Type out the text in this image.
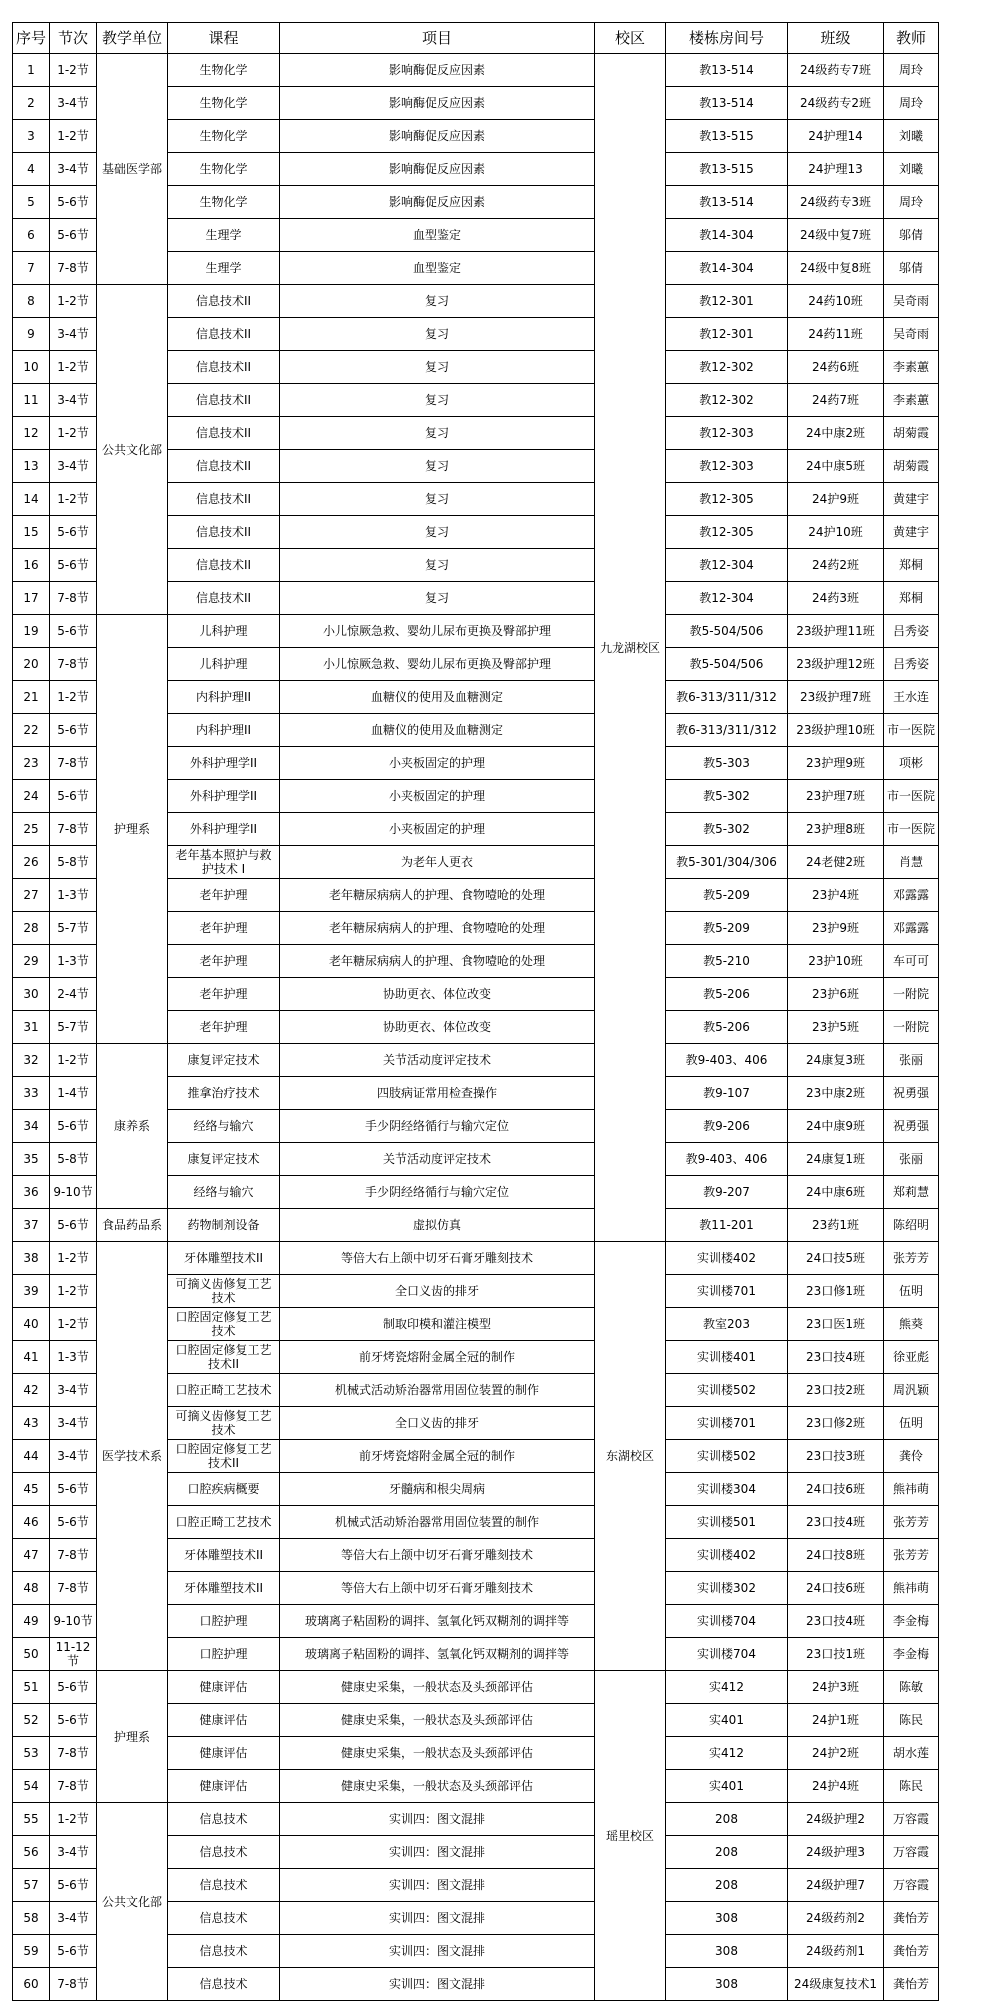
序号	节次	教学单位	课程	项目	校区	楼栋房间号	班级	教师
1	1-2节	基础医学部	生物化学	影响酶促反应因素	九龙湖校区	教13-514	24级药专7班	周玲
2	3-4节		生物化学	影响酶促反应因素		教13-514	24级药专2班	周玲
3	1-2节		生物化学	影响酶促反应因素		教13-515	24护理14	刘曦
4	3-4节		生物化学	影响酶促反应因素		教13-515	24护理13	刘曦
5	5-6节		生物化学	影响酶促反应因素		教13-514	24级药专3班	周玲
6	5-6节		生理学	血型鉴定		教14-304	24级中复7班	邬倩
7	7-8节		生理学	血型鉴定		教14-304	24级中复8班	邬倩
8	1-2节	公共文化部	信息技术II	复习		教12-301	24药10班	吴奇雨
9	3-4节		信息技术II	复习		教12-301	24药11班	吴奇雨
10	1-2节		信息技术II	复习		教12-302	24药6班	李素蕙
11	3-4节		信息技术II	复习		教12-302	24药7班	李素蕙
12	1-2节		信息技术II	复习		教12-303	24中康2班	胡菊霞
13	3-4节		信息技术II	复习		教12-303	24中康5班	胡菊霞
14	1-2节		信息技术II	复习		教12-305	24护9班	黄建宇
15	5-6节		信息技术II	复习		教12-305	24护10班	黄建宇
16	5-6节		信息技术II	复习		教12-304	24药2班	郑桐
17	7-8节		信息技术II	复习		教12-304	24药3班	郑桐
19	5-6节	护理系	儿科护理	小儿惊厥急救、婴幼儿尿布更换及臀部护理		教5-504/506	23级护理11班	吕秀姿
20	7-8节		儿科护理	小儿惊厥急救、婴幼儿尿布更换及臀部护理		教5-504/506	23级护理12班	吕秀姿
21	1-2节		内科护理II	血糖仪的使用及血糖测定		教6-313/311/312	23级护理7班	王水连
22	5-6节		内科护理II	血糖仪的使用及血糖测定		教6-313/311/312	23级护理10班	市一医院
23	7-8节		外科护理学II	小夹板固定的护理		教5-303	23护理9班	项彬
24	5-6节		外科护理学II	小夹板固定的护理		教5-302	23护理7班	市一医院
25	7-8节		外科护理学II	小夹板固定的护理		教5-302	23护理8班	市一医院
26	5-8节		老年基本照护与救护技术 I	为老年人更衣		教5-301/304/306	24老健2班	肖慧
27	1-3节		老年护理	老年糖尿病病人的护理、食物噎呛的处理		教5-209	23护4班	邓露露
28	5-7节		老年护理	老年糖尿病病人的护理、食物噎呛的处理		教5-209	23护9班	邓露露
29	1-3节		老年护理	老年糖尿病病人的护理、食物噎呛的处理		教5-210	23护10班	车可可
30	2-4节		老年护理	协助更衣、体位改变		教5-206	23护6班	一附院
31	5-7节		老年护理	协助更衣、体位改变		教5-206	23护5班	一附院
32	1-2节	康养系	康复评定技术	关节活动度评定技术		教9-403、406	24康复3班	张丽
33	1-4节		推拿治疗技术	四肢病证常用检查操作		教9-107	23中康2班	祝勇强
34	5-6节		经络与输穴	手少阴经络循行与输穴定位		教9-206	24中康9班	祝勇强
35	5-8节		康复评定技术	关节活动度评定技术		教9-403、406	24康复1班	张丽
36	9-10节		经络与输穴	手少阴经络循行与输穴定位		教9-207	24中康6班	郑莉慧
37	5-6节	食品药品系	药物制剂设备	虚拟仿真		教11-201	23药1班	陈绍明
38	1-2节	医学技术系	牙体雕塑技术II	等倍大右上颌中切牙石膏牙雕刻技术	东湖校区	实训楼402	24口技5班	张芳芳
39	1-2节		可摘义齿修复工艺技术	全口义齿的排牙		实训楼701	23口修1班	伍明
40	1-2节		口腔固定修复工艺技术	制取印模和灌注模型		教室203	23口医1班	熊葵
41	1-3节		口腔固定修复工艺技术II	前牙烤瓷熔附金属全冠的制作		实训楼401	23口技4班	徐亚彪
42	3-4节		口腔正畸工艺技术	机械式活动矫治器常用固位装置的制作		实训楼502	23口技2班	周汎颖
43	3-4节		可摘义齿修复工艺技术	全口义齿的排牙		实训楼701	23口修2班	伍明
44	3-4节		口腔固定修复工艺技术II	前牙烤瓷熔附金属全冠的制作		实训楼502	23口技3班	龚伶
45	5-6节		口腔疾病概要	牙髓病和根尖周病		实训楼304	24口技6班	熊祎萌
46	5-6节		口腔正畸工艺技术	机械式活动矫治器常用固位装置的制作		实训楼501	23口技4班	张芳芳
47	7-8节		牙体雕塑技术II	等倍大右上颌中切牙石膏牙雕刻技术		实训楼402	24口技8班	张芳芳
48	7-8节		牙体雕塑技术II	等倍大右上颌中切牙石膏牙雕刻技术		实训楼302	24口技6班	熊祎萌
49	9-10节		口腔护理	玻璃离子粘固粉的调拌、氢氧化钙双糊剂的调拌等		实训楼704	23口技4班	李金梅
50	11-12节		口腔护理	玻璃离子粘固粉的调拌、氢氧化钙双糊剂的调拌等		实训楼704	23口技1班	李金梅
51	5-6节	护理系	健康评估	健康史采集，一般状态及头颈部评估	瑶里校区	实412	24护3班	陈敏
52	5-6节		健康评估	健康史采集，一般状态及头颈部评估		实401	24护1班	陈民
53	7-8节		健康评估	健康史采集，一般状态及头颈部评估		实412	24护2班	胡水莲
54	7-8节		健康评估	健康史采集，一般状态及头颈部评估		实401	24护4班	陈民
55	1-2节	公共文化部	信息技术	实训四：图文混排		208	24级护理2	万容霞
56	3-4节		信息技术	实训四：图文混排		208	24级护理3	万容霞
57	5-6节		信息技术	实训四：图文混排		208	24级护理7	万容霞
58	3-4节		信息技术	实训四：图文混排		308	24级药剂2	龚怡芳
59	5-6节		信息技术	实训四：图文混排		308	24级药剂1	龚怡芳
60	7-8节		信息技术	实训四：图文混排		308	24级康复技术1	龚怡芳
